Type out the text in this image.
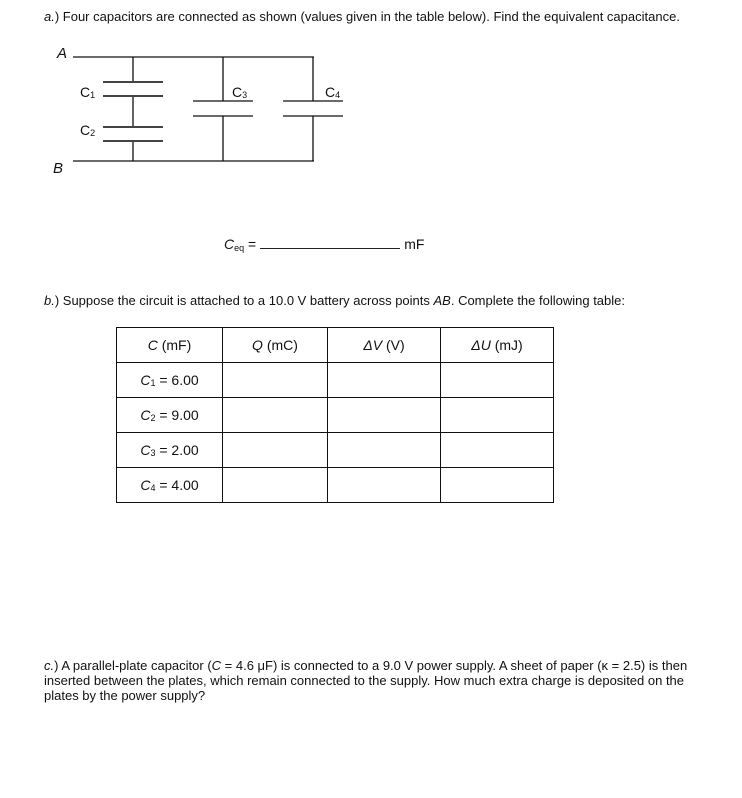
a.) Four capacitors are connected as shown (values given in the table below). Find the equivalent capacitance.
A
B
$C_1$
$C_2$
$C_3$	$C_4$
$C_{eq}$ =	mF
b.) Suppose the circuit is attached to a 10.0 V battery across points AB. Complete the following table:
C (mF)	Q (mC)	ΔV (V)	ΔU (mJ)
$C_1 = 6.00$			
$C_2 = 9.00$			
$C_3 = 2.00$			
$C_4 = 4.00$			
c.) A parallel-plate capacitor (C = 4.6 μF) is connected to a 9.0 V power supply. A sheet of paper (κ = 2.5) is then inserted between the plates, which remain connected to the supply. How much extra charge is deposited on the plates by the power supply?
